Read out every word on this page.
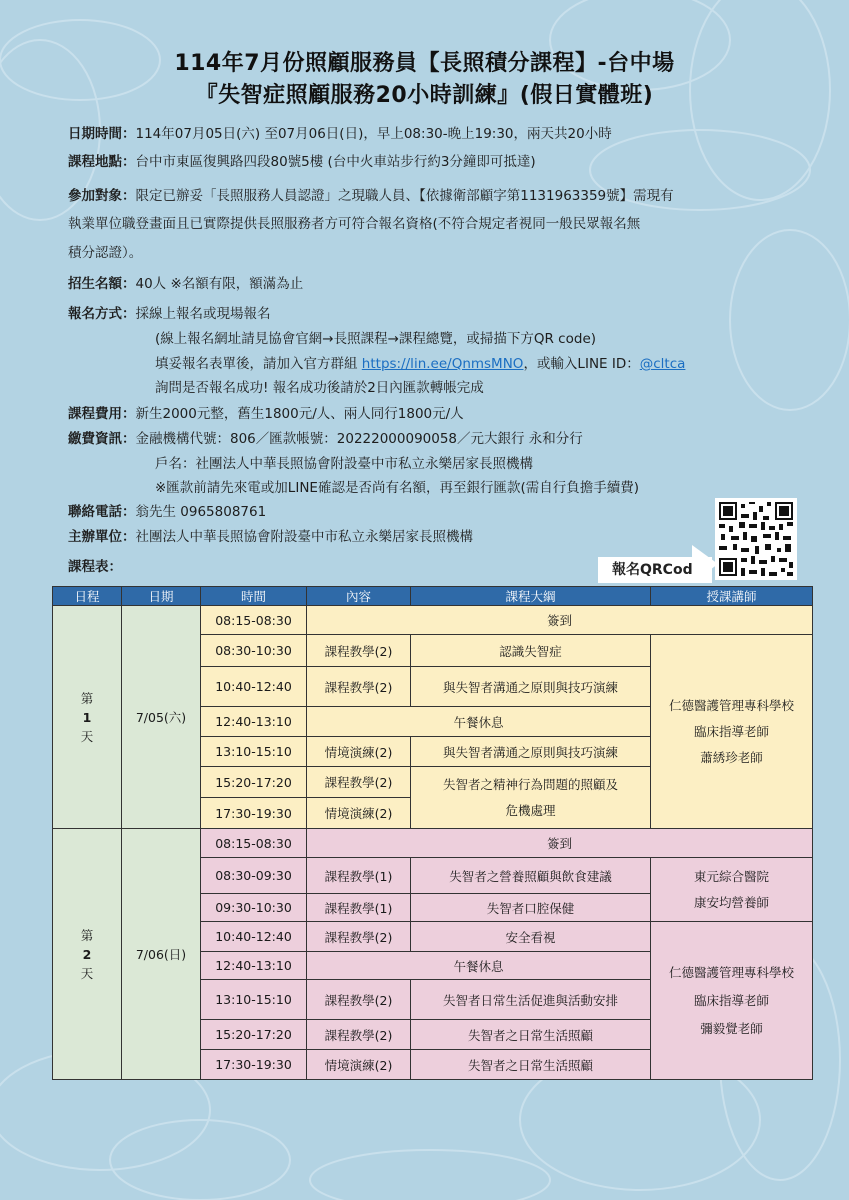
114年7月份照顧服務員【長照積分課程】-台中場
『失智症照顧服務20小時訓練』(假日實體班)
日期時間：114年07月05日(六) 至07月06日(日)，早上08:30-晚上19:30，兩天共20小時
課程地點：台中市東區復興路四段80號5樓 (台中火車站步行約3分鐘即可抵達)
參加對象：限定已辦妥「長照服務人員認證」之現職人員、【依據衛部顧字第1131963359號】需現有
執業單位職登畫面且已實際提供長照服務者方可符合報名資格(不符合規定者視同一般民眾報名無
積分認證）。
招生名額：40人 ※名額有限，額滿為止
報名方式：採線上報名或現場報名
(線上報名網址請見協會官網→長照課程→課程總覽，或掃描下方QR code)
填妥報名表單後，請加入官方群組 https://lin.ee/QnmsMNO，或輸入LINE ID：@cltca
詢問是否報名成功! 報名成功後請於2日內匯款轉帳完成
課程費用：新生2000元整，舊生1800元/人、兩人同行1800元/人
繳費資訊：金融機構代號：806／匯款帳號：20222000090058／元大銀行 永和分行
戶名：社團法人中華長照協會附設臺中市私立永樂居家長照機構
※匯款前請先來電或加LINE確認是否尚有名額，再至銀行匯款(需自行負擔手續費)
聯絡電話：翁先生 0965808761
主辦單位：社團法人中華長照協會附設臺中市私立永樂居家長照機構
課程表：	報名QRCode
日程	日期	時間	內容	課程大綱	授課講師

第
1
天	7/05(六)	08:15-08:30	簽到		
		08:30-10:30	課程教學(2)	認識失智症	仁德醫護管理專科學校
臨床指導老師
蕭綉珍老師

		10:40-12:40	課程教學(2)	與失智者溝通之原則與技巧演練	
		12:40-13:10	午餐休息		
		13:10-15:10	情境演練(2)	與失智者溝通之原則與技巧演練	
		15:20-17:20	課程教學(2)	失智者之精神行為問題的照顧及
危機處理	

		17:30-19:30	情境演練(2)		

第
2
天	7/06(日)	08:15-08:30	簽到		
		08:30-09:30	課程教學(1)	失智者之營養照顧與飲食建議	東元綜合醫院
康安均營養師

		09:30-10:30	課程教學(1)	失智者口腔保健	
		10:40-12:40	課程教學(2)	安全看視	仁德醫護管理專科學校
臨床指導老師
彌毅覺老師

		12:40-13:10	午餐休息		
		13:10-15:10	課程教學(2)	失智者日常生活促進與活動安排	
		15:20-17:20	課程教學(2)	失智者之日常生活照顧	
		17:30-19:30	情境演練(2)	失智者之日常生活照顧	
